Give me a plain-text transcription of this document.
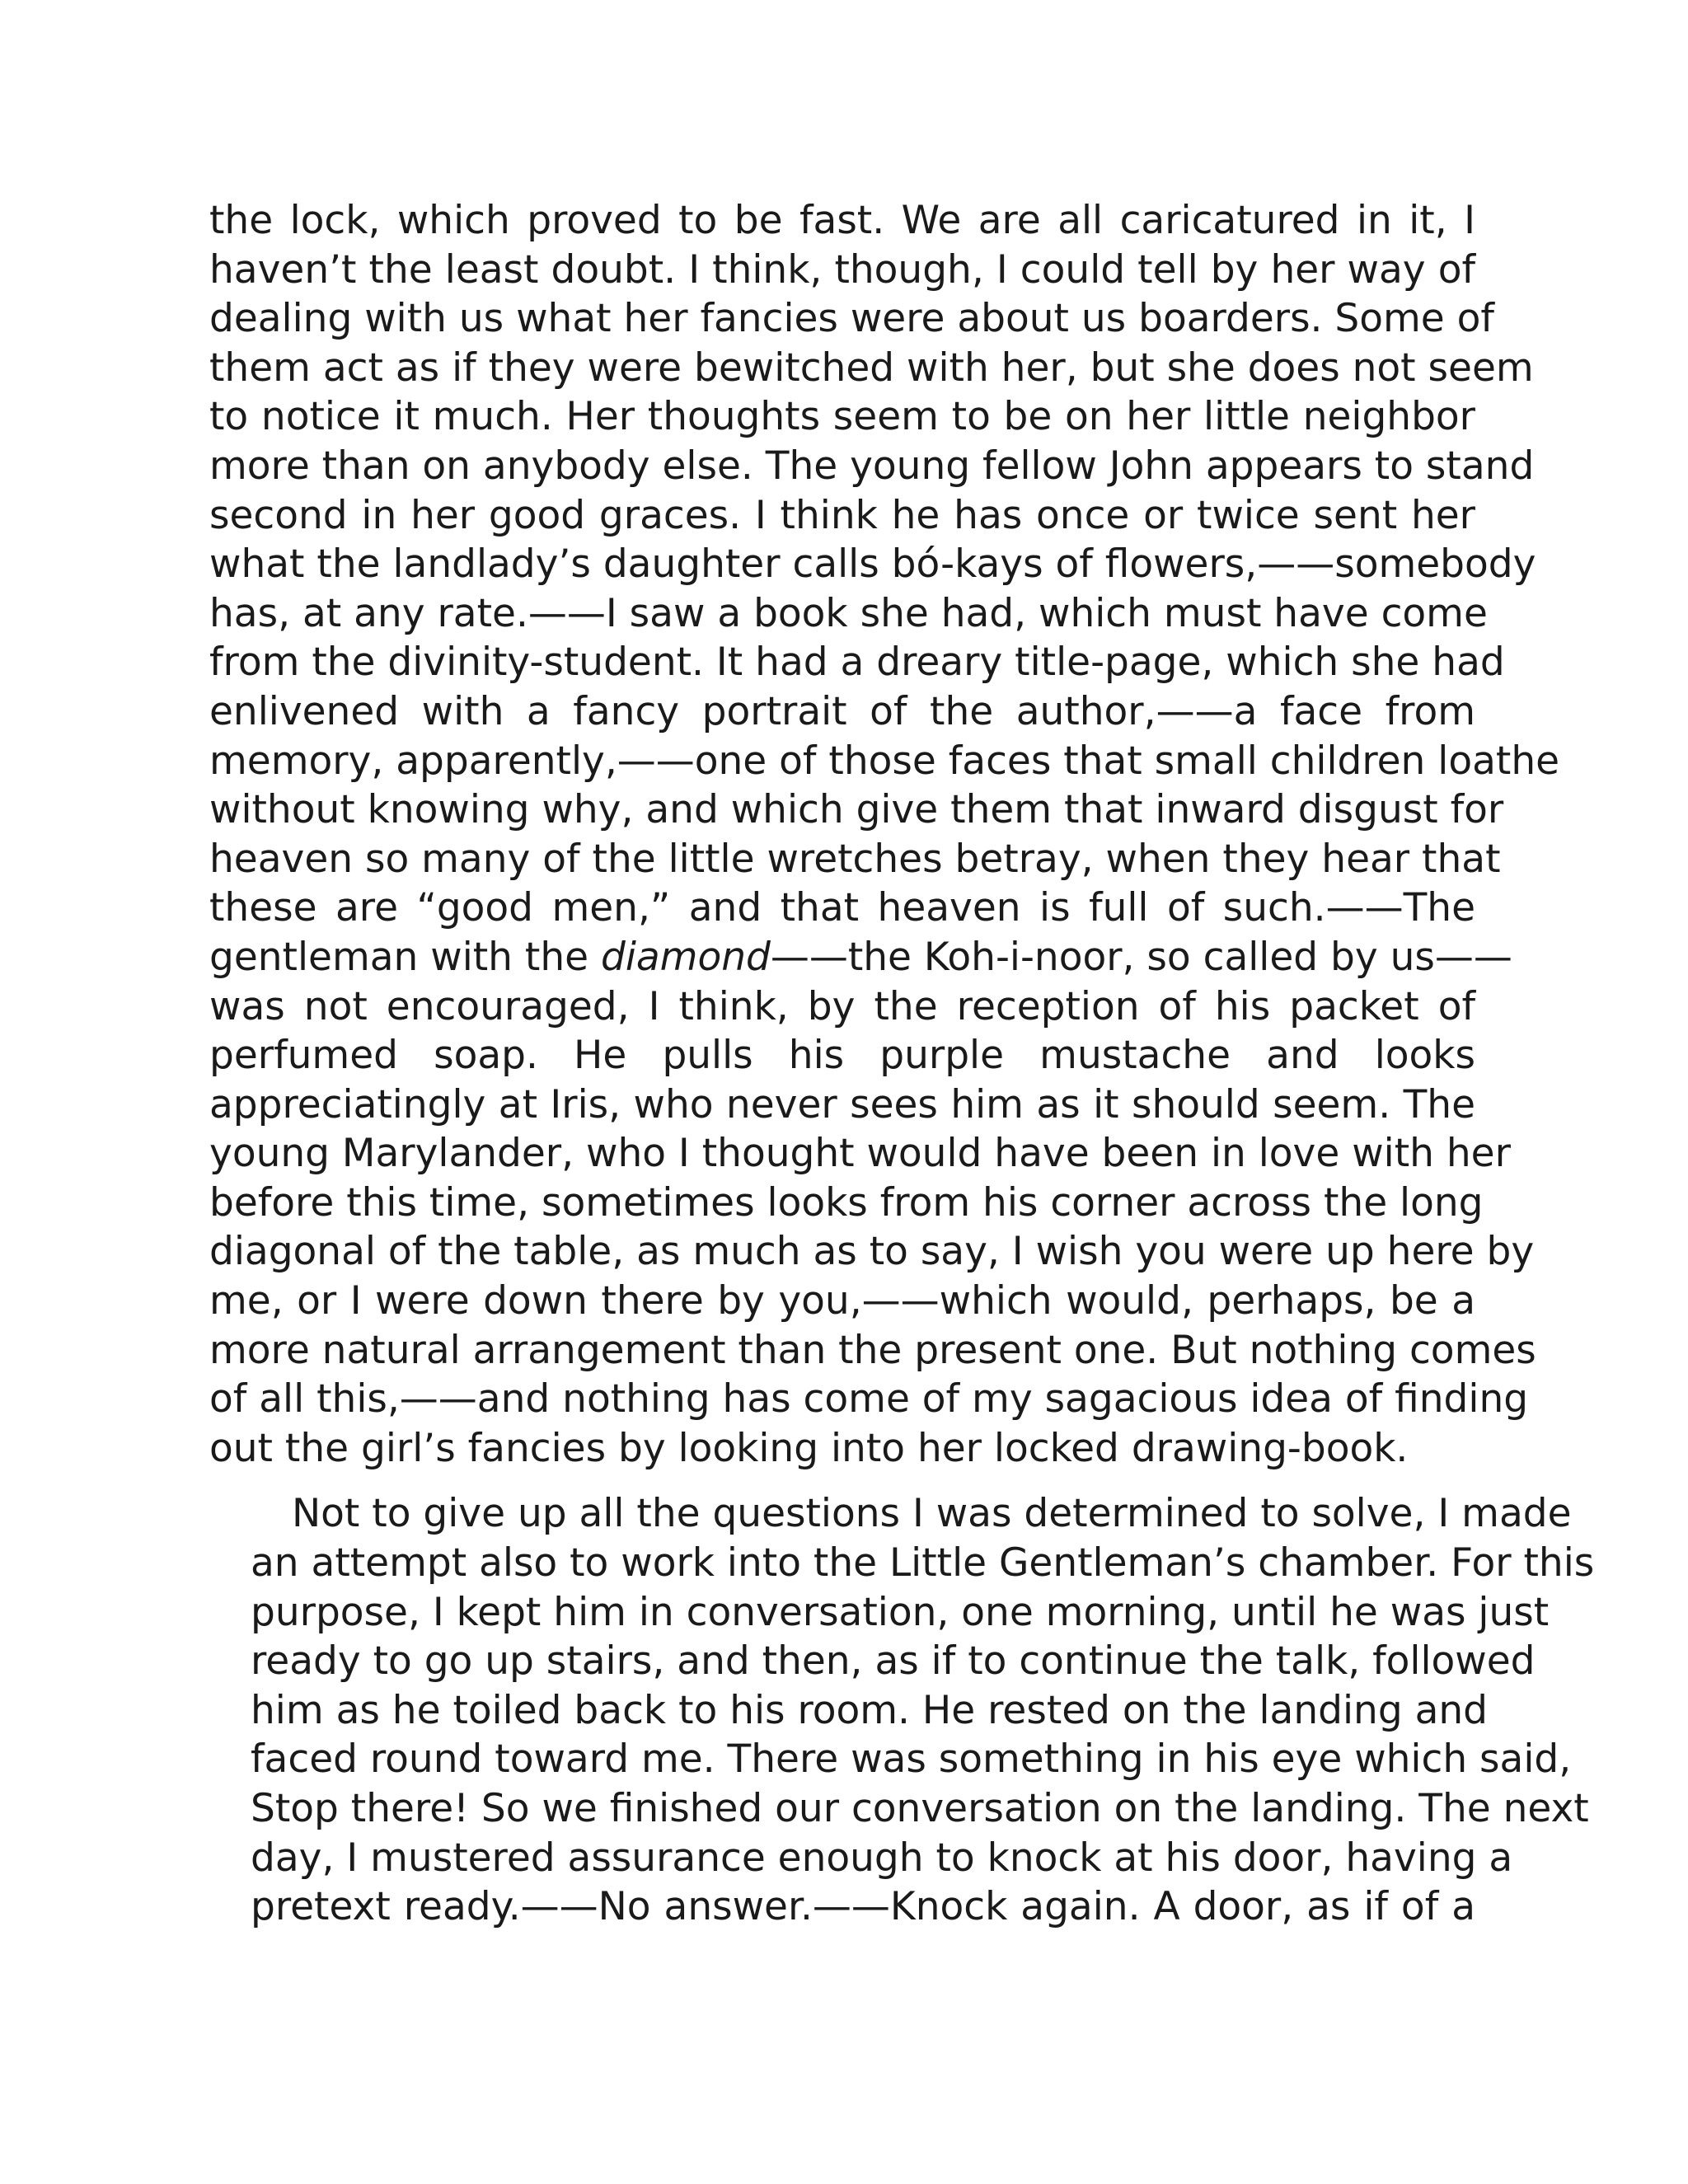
the lock, which proved to be fast. We are all caricatured in it, I
haven’t the least doubt. I think, though, I could tell by her way of
dealing with us what her fancies were about us boarders. Some of
them act as if they were bewitched with her, but she does not seem
to notice it much. Her thoughts seem to be on her little neighbor
more than on anybody else. The young fellow John appears to stand
second in her good graces. I think he has once or twice sent her
what the landlady’s daughter calls bó-kays of flowers,——somebody
has, at any rate.——I saw a book she had, which must have come
from the divinity-student. It had a dreary title-page, which she had
enlivened with a fancy portrait of the author,——a face from
memory, apparently,——one of those faces that small children loathe
without knowing why, and which give them that inward disgust for
heaven so many of the little wretches betray, when they hear that
these are “good men,” and that heaven is full of such.——The
gentleman with the diamond——the Koh-i-noor, so called by us——
was not encouraged, I think, by the reception of his packet of
perfumed soap. He pulls his purple mustache and looks
appreciatingly at Iris, who never sees him as it should seem. The
young Marylander, who I thought would have been in love with her
before this time, sometimes looks from his corner across the long
diagonal of the table, as much as to say, I wish you were up here by
me, or I were down there by you,——which would, perhaps, be a
more natural arrangement than the present one. But nothing comes
of all this,——and nothing has come of my sagacious idea of finding
out the girl’s fancies by looking into her locked drawing-book.
Not to give up all the questions I was determined to solve, I made
an attempt also to work into the Little Gentleman’s chamber. For this
purpose, I kept him in conversation, one morning, until he was just
ready to go up stairs, and then, as if to continue the talk, followed
him as he toiled back to his room. He rested on the landing and
faced round toward me. There was something in his eye which said,
Stop there! So we finished our conversation on the landing. The next
day, I mustered assurance enough to knock at his door, having a
pretext ready.——No answer.——Knock again. A door, as if of a
